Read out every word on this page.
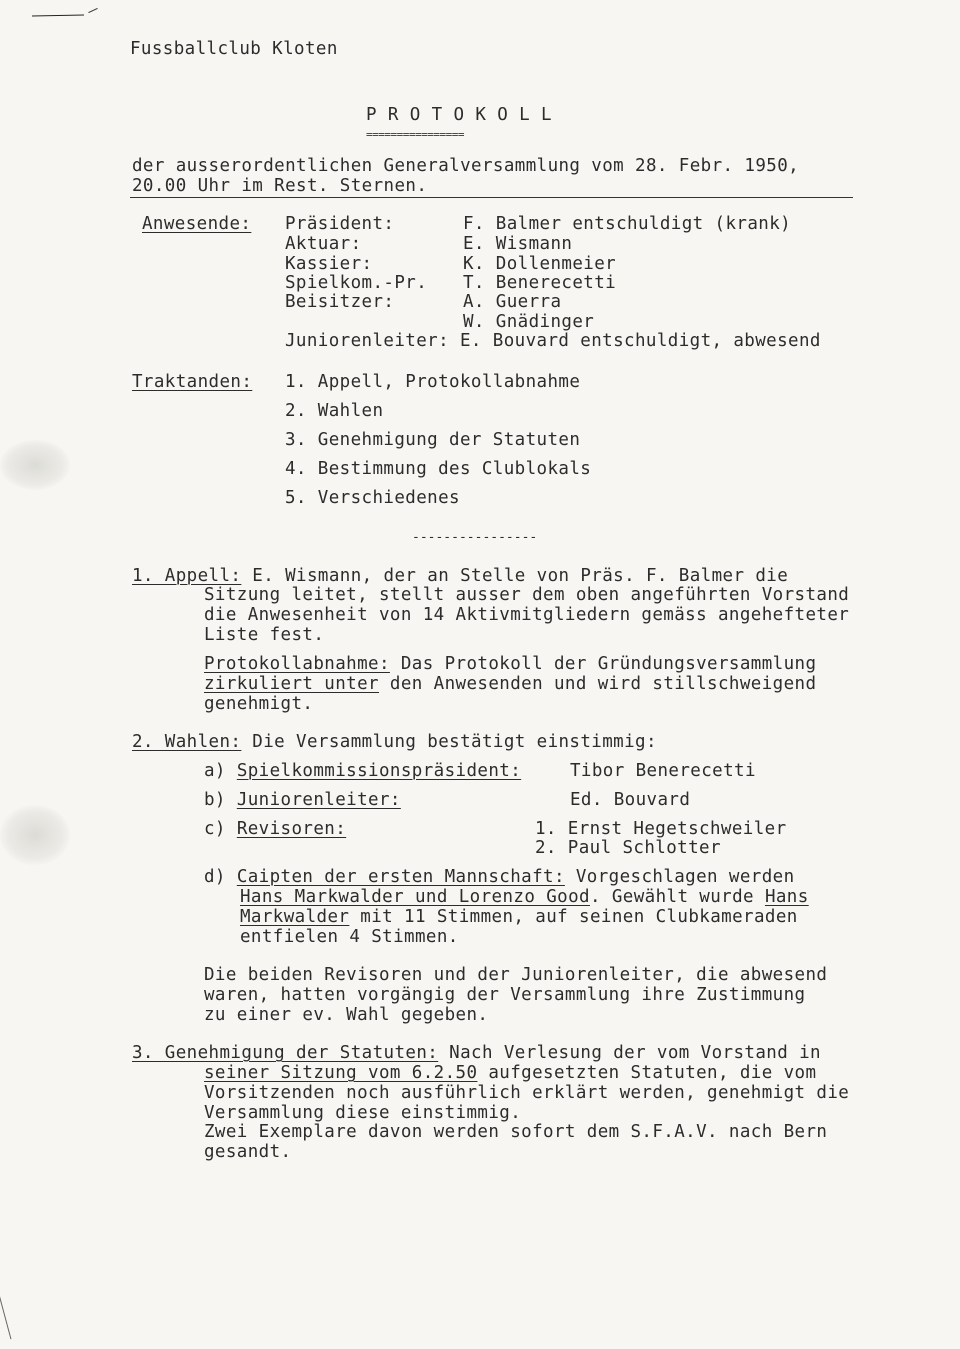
Fussballclub Kloten
P R O T O K O L L
================
der ausserordentlichen Generalversammlung vom 28. Febr. 1950,
20.00 Uhr im Rest. Sternen.
Anwesende: Präsident:	F. Balmer entschuldigt (krank)
Aktuar:	E. Wismann
Kassier:	K. Dollenmeier
Spielkom.-Pr. T. Benerecetti
Beisitzer:	A. Guerra
W. Gnädinger
Juniorenleiter: E. Bouvard entschuldigt, abwesend
Traktanden: 1. Appell, Protokollabnahme
2. Wahlen
3. Genehmigung der Statuten
4. Bestimmung des Clublokals
5. Verschiedenes
----------------
1. Appell: E. Wismann, der an Stelle von Präs. F. Balmer die
Sitzung leitet, stellt ausser dem oben angeführten Vorstand
die Anwesenheit von 14 Aktivmitgliedern gemäss angehefteter
Liste fest.
Protokollabnahme: Das Protokoll der Gründungsversammlung
zirkuliert unter den Anwesenden und wird stillschweigend
genehmigt.
2. Wahlen: Die Versammlung bestätigt einstimmig:
a) Spielkommissionspräsident:	Tibor Benerecetti
b) Juniorenleiter:	Ed. Bouvard
c) Revisoren:	1. Ernst Hegetschweiler
2. Paul Schlotter
d) Caipten der ersten Mannschaft: Vorgeschlagen werden
Hans Markwalder und Lorenzo Good. Gewählt wurde Hans
Markwalder mit 11 Stimmen, auf seinen Clubkameraden
entfielen 4 Stimmen.
Die beiden Revisoren und der Juniorenleiter, die abwesend
waren, hatten vorgängig der Versammlung ihre Zustimmung
zu einer ev. Wahl gegeben.
3. Genehmigung der Statuten: Nach Verlesung der vom Vorstand in
seiner Sitzung vom 6.2.50 aufgesetzten Statuten, die vom
Vorsitzenden noch ausführlich erklärt werden, genehmigt die
Versammlung diese einstimmig.
Zwei Exemplare davon werden sofort dem S.F.A.V. nach Bern
gesandt.
